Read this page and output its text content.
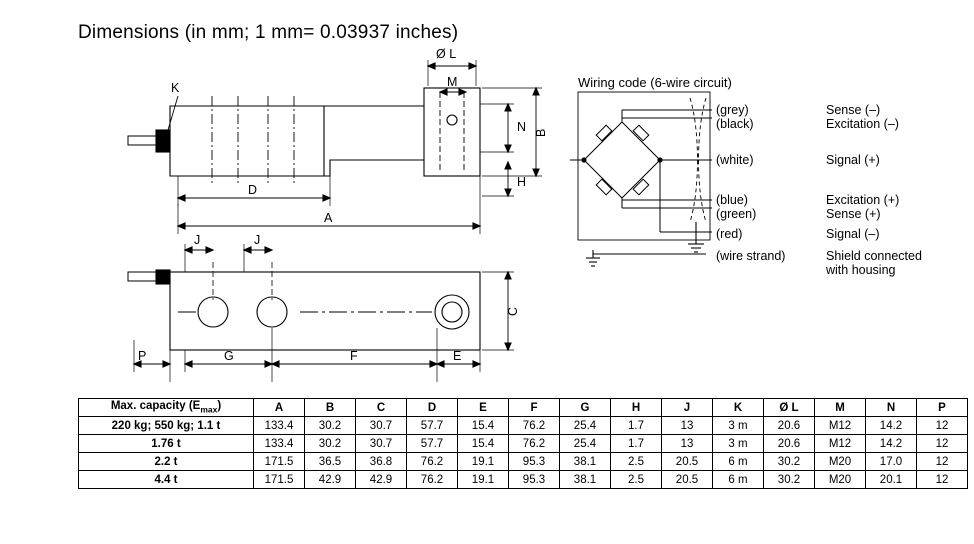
Dimensions (in mm; 1 mm= 0.03937 inches)
Wiring code (6-wire circuit)
K
Ø L
M
N B
H
D
A
J	J
C
P	G	F	E
(grey)	Sense (–)
(black)	Excitation (–)
(white)	Signal (+)
(blue)	Excitation (+)
(green)	Sense (+)
(red)	Signal (–)
(wire strand)	Shield connected
with housing
Max. capacity $(E_{max})$	A	B	C	D	E	F	G	H	J	K	Ø L	M	N	P
220 kg; 550 kg; 1.1 t	133.4	30.2	30.7	57.7	15.4	76.2	25.4	1.7	13	3 m	20.6	M12	14.2	12
1.76 t	133.4	30.2	30.7	57.7	15.4	76.2	25.4	1.7	13	3 m	20.6	M12	14.2	12
2.2 t	171.5	36.5	36.8	76.2	19.1	95.3	38.1	2.5	20.5	6 m	30.2	M20	17.0	12
4.4 t	171.5	42.9	42.9	76.2	19.1	95.3	38.1	2.5	20.5	6 m	30.2	M20	20.1	12
